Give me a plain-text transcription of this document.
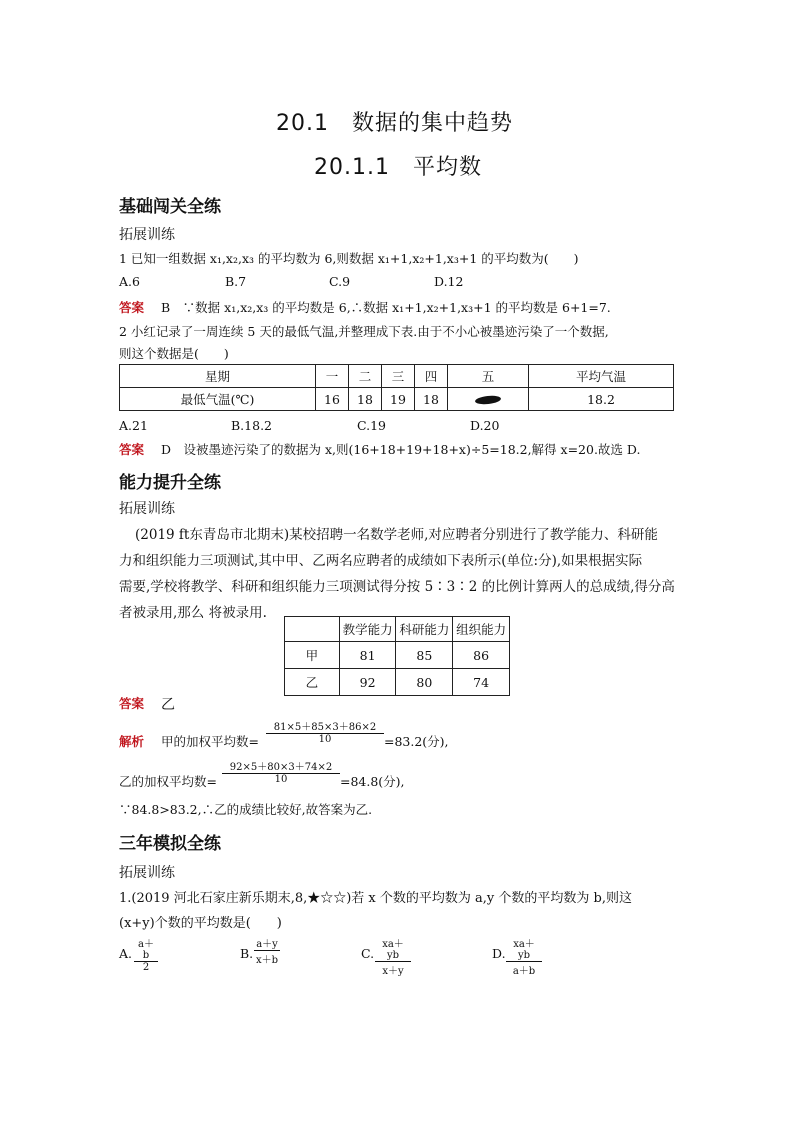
20.1　数据的集中趋势
20.1.1　平均数
基础闯关全练
拓展训练
1 已知一组数据 x₁,x₂,x₃ 的平均数为 6,则数据 x₁+1,x₂+1,x₃+1 的平均数为(　　)
A.6	B.7	C.9	D.12
答案 B　∵数据 x₁,x₂,x₃ 的平均数是 6,∴数据 x₁+1,x₂+1,x₃+1 的平均数是 6+1=7.
2 小红记录了一周连续 5 天的最低气温,并整理成下表.由于不小心被墨迹污染了一个数据,
则这个数据是(　　)
星期	一	二	三	四	五	平均气温
最低气温(℃)	16	18	19	18		18.2
A.21	B.18.2	C.19	D.20
答案 D　设被墨迹污染了的数据为 x,则(16+18+19+18+x)÷5=18.2,解得 x=20.故选 D.
能力提升全练
拓展训练
(2019 ft东青岛市北期末)某校招聘一名数学老师,对应聘者分别进行了教学能力、科研能
力和组织能力三项测试,其中甲、乙两名应聘者的成绩如下表所示(单位:分),如果根据实际
需要,学校将教学、科研和组织能力三项测试得分按 5∶3∶2 的比例计算两人的总成绩,得分高
者被录用,那么 将被录用.
	教学能力	科研能力	组织能力
甲	81	85	86
乙	92	80	74
答案 乙
解析 甲的加权平均数=
81×5＋85×3＋86×2
10	=83.2(分),
乙的加权平均数=
92×5＋80×3＋74×2
10	=84.8(分),
∵84.8>83.2,∴乙的成绩比较好,故答案为乙.
三年模拟全练
拓展训练
1.(2019 河北石家庄新乐期末,8,★☆☆)若 x 个数的平均数为 a,y 个数的平均数为 b,则这
(x+y)个数的平均数是(　　)
A.
a＋b
2
B.
a＋y
x＋b	C.
xa＋yb
x＋y
D.
xa＋yb
a＋b
